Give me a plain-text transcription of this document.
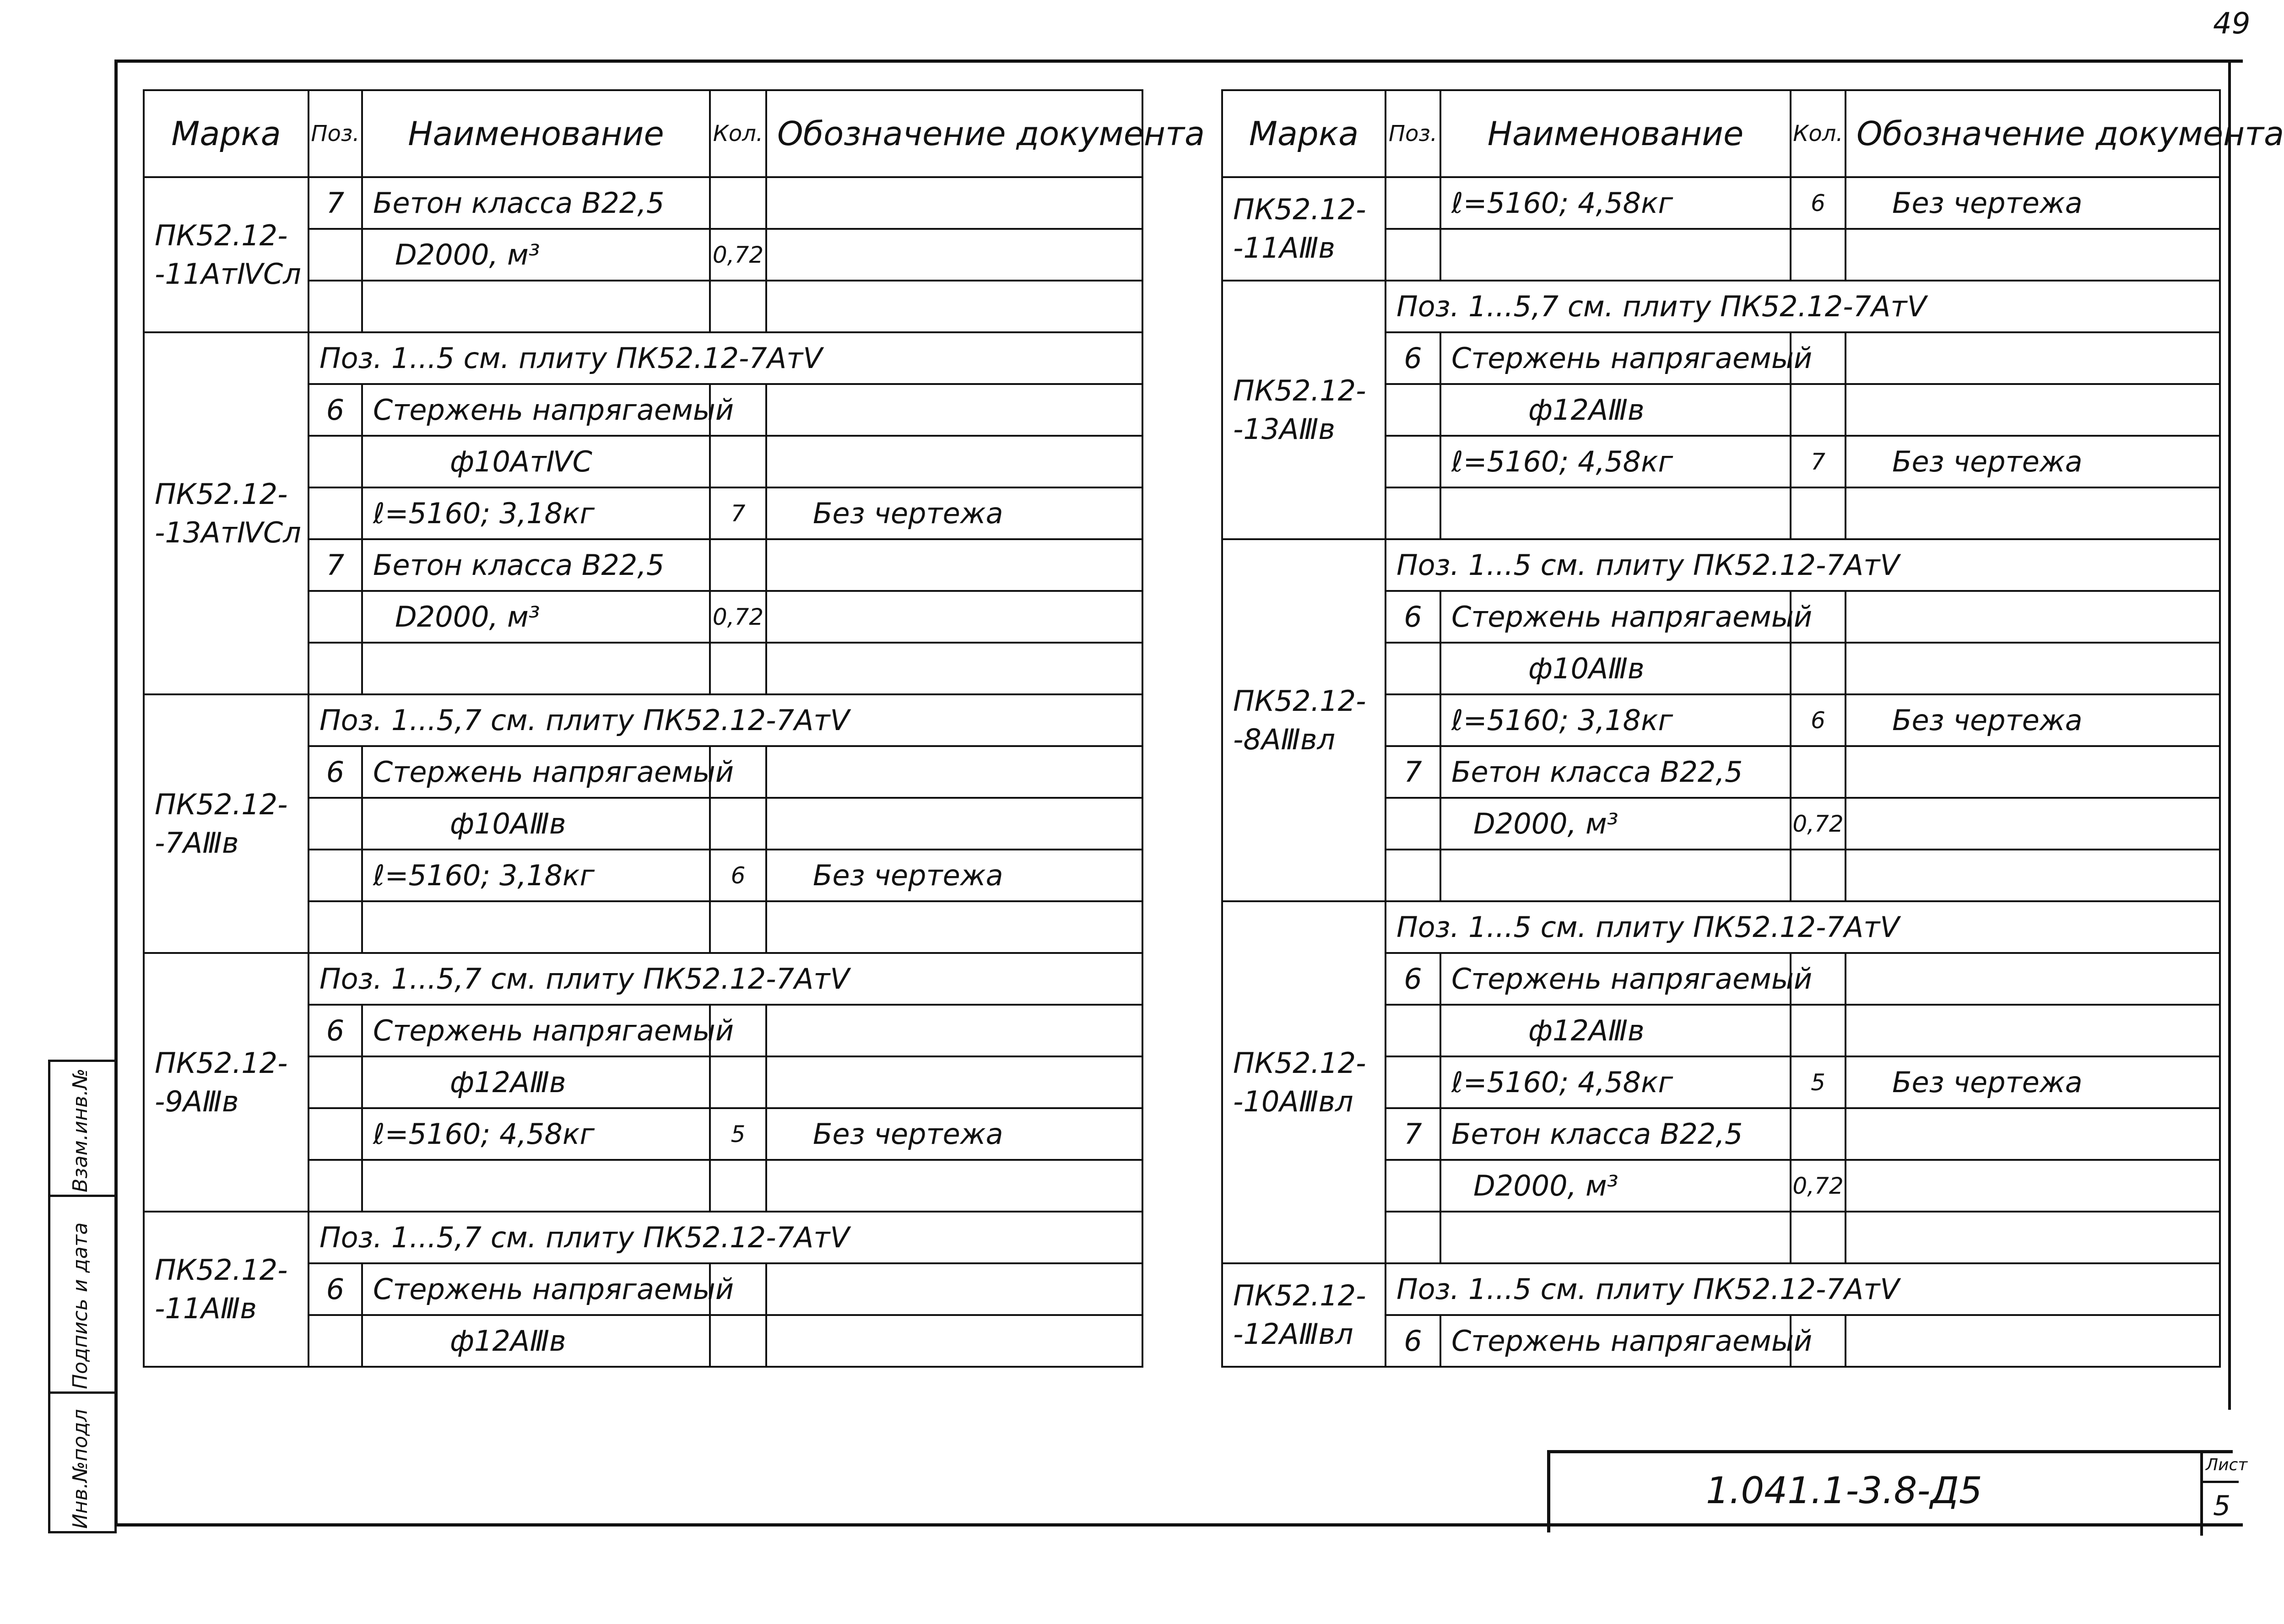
49
Марка	Поз.	Наименование	Кол.	Обозначение документа
ПК52.12-
-11АтⅣСл	7	Бетон класса В22,5		
		D2000, м³	0,72	

ПК52.12-
-13АтⅣСл	Поз. 1...5 см. плиту ПК52.12-7АтⅤ			
	6	Стержень напрягаемый		
		ф10АтⅣС		
		ℓ=5160; 3,18кг	7	Без чертежа
	7	Бетон класса В22,5		
		D2000, м³	0,72	

ПК52.12-
-7АⅢв	Поз. 1...5,7 см. плиту ПК52.12-7АтⅤ			
	6	Стержень напрягаемый		
		ф10АⅢв		
		ℓ=5160; 3,18кг	6	Без чертежа

ПК52.12-
-9АⅢв	Поз. 1...5,7 см. плиту ПК52.12-7АтⅤ			
	6	Стержень напрягаемый		
		ф12АⅢв		
		ℓ=5160; 4,58кг	5	Без чертежа

ПК52.12-
-11АⅢв	Поз. 1...5,7 см. плиту ПК52.12-7АтⅤ			
	6	Стержень напрягаемый		
		ф12АⅢв		
Марка	Поз.	Наименование	Кол.	Обозначение документа
ПК52.12-
-11АⅢв		ℓ=5160; 4,58кг	6	Без чертежа

ПК52.12-
-13АⅢв	Поз. 1...5,7 см. плиту ПК52.12-7АтⅤ			
	6	Стержень напрягаемый		
		ф12АⅢв		
		ℓ=5160; 4,58кг	7	Без чертежа

ПК52.12-
-8АⅢвл	Поз. 1...5 см. плиту ПК52.12-7АтⅤ			
	6	Стержень напрягаемый		
		ф10АⅢв		
		ℓ=5160; 3,18кг	6	Без чертежа
	7	Бетон класса В22,5		
		D2000, м³	0,72	

ПК52.12-
-10АⅢвл	Поз. 1...5 см. плиту ПК52.12-7АтⅤ			
	6	Стержень напрягаемый		
		ф12АⅢв		
		ℓ=5160; 4,58кг	5	Без чертежа
	7	Бетон класса В22,5		
		D2000, м³	0,72	

ПК52.12-
-12АⅢвл	Поз. 1...5 см. плиту ПК52.12-7АтⅤ			
	6	Стержень напрягаемый		
Взам.инв.№
Подпись и дата
Инв.№подл	1.041.1-3.8-Д5
Лист
5
